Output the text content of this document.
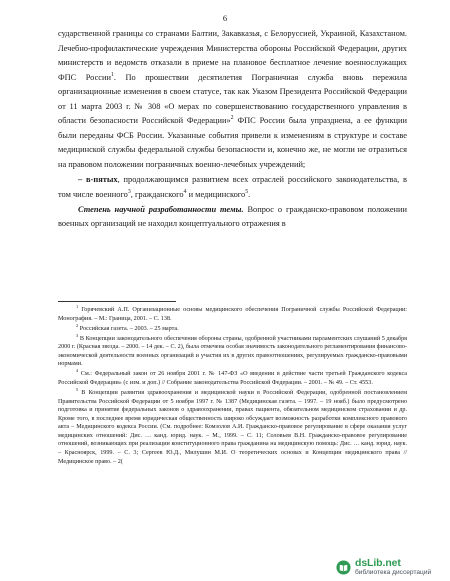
6

сударственной границы со странами Балтии, Закавказья, с Белоруссией, Украиной, Казахстаном. Лечебно-профилактические учреждения Министерства обороны Российской Федерации, других министерств и ведомств отказали в приеме на плановое бесплатное лечение военнослужащих ФПС России$^1$. По прошествии десятилетия Пограничная служба вновь пережила организационные изменения в своем статусе, так как Указом Президента Российской Федерации от 11 марта 2003 г. № 308 «О мерах по совершенствованию государственного управления в области безопасности Российской Федерации»$^2$ ФПС России была упразднена, а ее функции были переданы ФСБ России. Указанные события привели к изменениям в структуре и составе медицинской службы федеральной службы безопасности и, конечно же, не могли не отразиться на правовом положении пограничных военно-лечебных учреждений;

– в-пятых, продолжающимся развитием всех отраслей российского законодательства, в том числе военного$^3$, гражданского$^4$ и медицинского$^5$.

Степень научной разработанности темы. Вопрос о гражданско-правовом положении военных организаций не находил концептуального отражения в

$^1$ Горячевский А.П. Организационные основы медицинского обеспечения Пограничной службы Российской Федерации: Монография. – М.: Граница, 2001. – С. 138.

$^2$ Российская газета. – 2003. – 25 марта.

$^3$ В Концепции законодательного обеспечения обороны страны, одобренной участниками парламентских слушаний 5 декабря 2000 г. (Красная звезда. – 2000. – 14 дек. – С. 2), была отмечена особая значимость законодательного регламентирования финансово-экономической деятельности военных организаций и участия их в других правоотношениях, регулируемых гражданско-правовыми нормами.

$^4$ См.: Федеральный закон от 26 ноября 2001 г. № 147-ФЗ «О введении в действие части третьей Гражданского кодекса Российской Федерации» (с изм. и доп.) // Собрание законодательства Российской Федерации. – 2001. – № 49. – Ст. 4553.

$^5$ В Концепции развития здравоохранения и медицинской науки в Российской Федерации, одобренной постановлением Правительства Российской Федерации от 5 ноября 1997 г. № 1387 (Медицинская газета. – 1997. – 19 нояб.) было предусмотрено подготовка и принятие федеральных законов о здравоохранении, правах пациента, обязательном медицинском страховании и др. Кроме того, в последнее время юридическая общественность широко обсуждает возможность разработки комплексного правового акта – Медицинского кодекса России. (См. подробнее: Комзолов А.И. Гражданско-правовое регулирование в сфере оказания услуг медицинских отношений: Дис. … канд. юрид. наук. – М., 1999. – С. 11; Соловьев В.Н. Гражданско-правовое регулирование отношений, возникающих при реализации конституционного права гражданина на медицинскую помощь: Дис. … канд. юрид. наук. – Красноярск, 1999. – С. 3; Сергеев Ю.Д., Милушин М.И. О теоретических основах и Концепции медицинского права // Медицинское право. – 2(

dsLib.net
библиотека диссертаций
